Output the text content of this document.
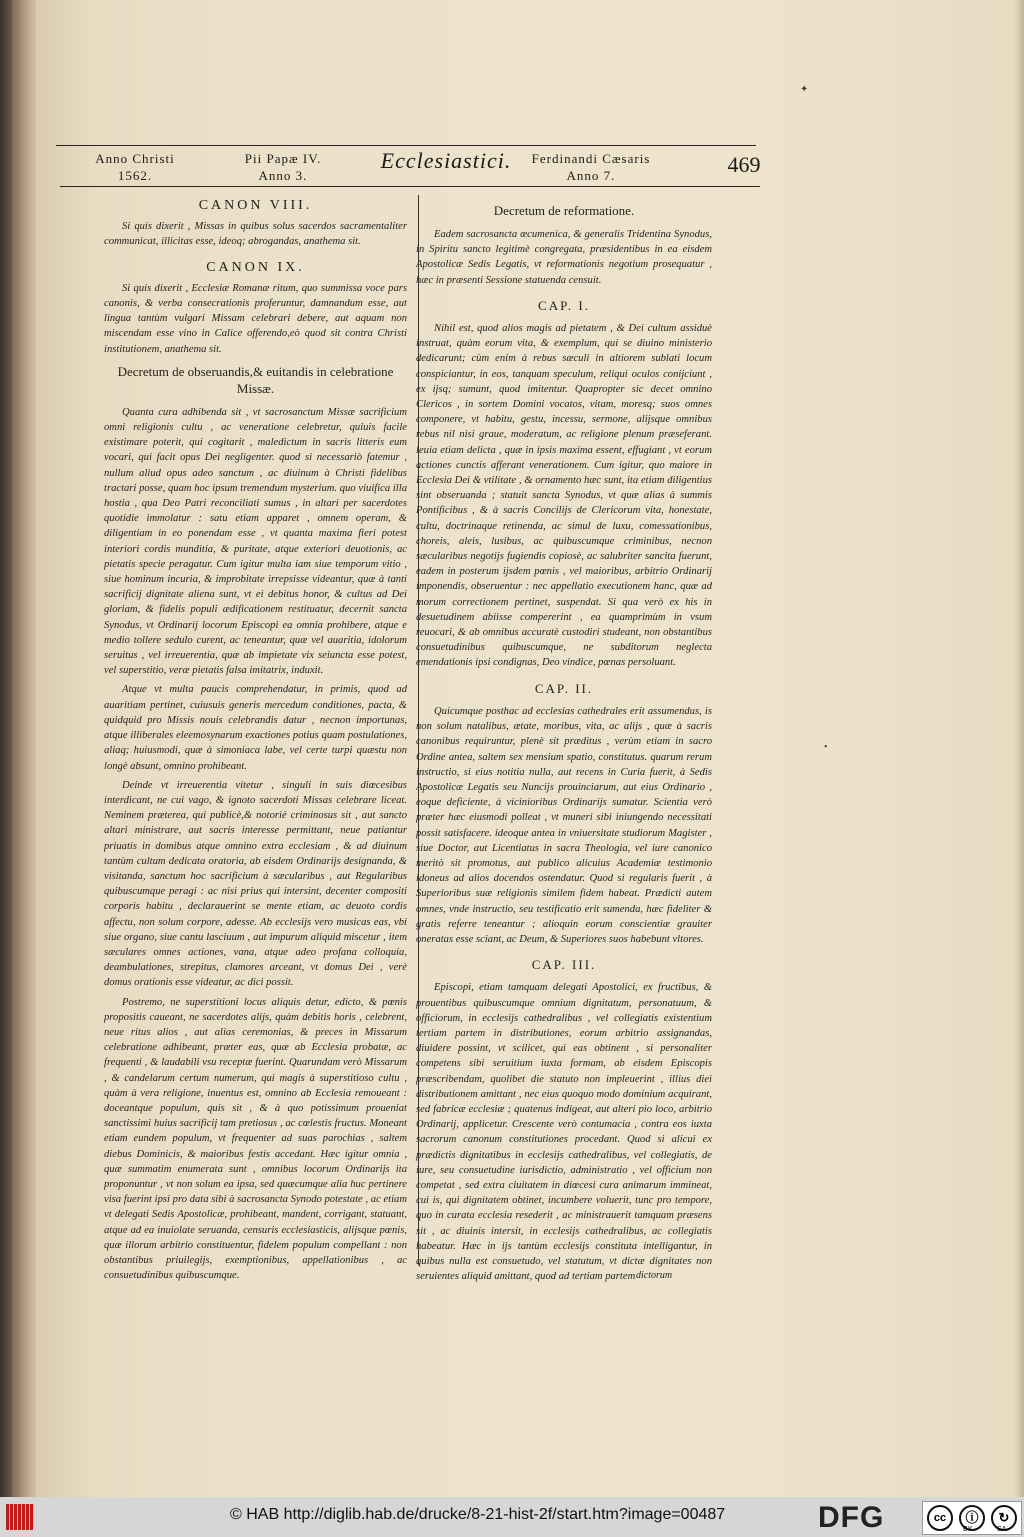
Anno Christi
1562.
Pii Papæ IV.
Anno 3.
Ecclesiastici.	Ferdinandi Cæsaris
Anno 7.	469
CANON VIII.

Si quis dixerit , Missas in quibus solus sacerdos sacramentaliter communicat, illicitas esse, ideoq; abrogandas, anathema sit.

CANON IX.

Si quis dixerit , Ecclesiæ Romanæ ritum, quo summissa voce pars canonis, & verba consecrationis proferuntur, damnandum esse, aut lingua tantùm vulgari Missam celebrari debere, aut aquam non miscendam esse vino in Calice offerendo,eò quod sit contra Christi institutionem, anathema sit.

Decretum de obseruandis,& euitandis in celebratione Missæ.

Quanta cura adhibenda sit , vt sacrosanctum Missæ sacrificium omni religionis cultu , ac veneratione celebretur, quiuis facile existimare poterit, qui cogitarit , maledictum in sacris litteris eum vocari, qui facit opus Dei negligenter. quod si necessariò fatemur , nullum aliud opus adeo sanctum , ac diuinum à Christi fidelibus tractari posse, quam hoc ipsum tremendum mysterium. quo viuifica illa hostia , qua Deo Patri reconciliati sumus , in altari per sacerdotes quotidie immolatur : satu etiam apparet , omnem operam, & diligentiam in eo ponendam esse , vt quanta maxima fieri potest interiori cordis munditia, & puritate, atque exteriori deuotionis, ac pietatis specie peragatur. Cum igitur multa iam siue temporum vitio , siue hominum incuria, & improbitate irrepsisse videantur, quæ à tanti sacrificij dignitate aliena sunt, vt ei debitus honor, & cultus ad Dei gloriam, & fidelis populi ædificationem restituatur, decernit sancta Synodus, vt Ordinarij locorum Episcopi ea omnia prohibere, atque e medio tollere sedulo curent, ac teneantur, quæ vel auaritia, idolorum seruitus , vel irreuerentia, quæ ab impietate vix seiuncta esse potest, vel superstitio, veræ pietatis falsa imitatrix, induxit.

Atque vt multa paucis comprehendatur, in primis, quod ad auaritiam pertinet, cuiusuis generis mercedum conditiones, pacta, & quidquid pro Missis nouis celebrandis datur , necnon importunas, atque illiberales eleemosynarum exactiones potius quam postulationes, aliaq; huiusmodi, quæ à simoniaca labe, vel certe turpi quæstu non longè absunt, omnino prohibeant.

Deinde vt irreuerentia vitetur , singuli in suis diœcesibus interdicant, ne cui vago, & ignoto sacerdoti Missas celebrare liceat. Neminem præterea, qui publicè,& notoriè criminosus sit , aut sancto altari ministrare, aut sacris interesse permittant, neue patiantur priuatis in domibus atque omnino extra ecclesiam , & ad diuinum tantùm cultum dedicata oratoria, ab eisdem Ordinarijs designanda, & visitanda, sanctum hoc sacrificium à sæcularibus , aut Regularibus quibuscumque peragi : ac nisi prius qui intersint, decenter compositi corporis habitu , declarauerint se mente etiam, ac deuoto cordis affectu, non solum corpore, adesse. Ab ecclesijs vero musicas eas, vbi siue organo, siue cantu lasciuum , aut impurum aliquid miscetur , item sæculares omnes actiones, vana, atque adeo profana colloquia, deambulationes, strepitus, clamores arceant, vt domus Dei , verè domus orationis esse videatur, ac dici possit.

Postremo, ne superstitioni locus aliquis detur, edicto, & pœnis propositis caueant, ne sacerdotes alijs, quàm debitis horis , celebrent, neue ritus alios , aut alias ceremonias, & preces in Missarum celebratione adhibeant, præter eas, quæ ab Ecclesia probatæ, ac frequenti , & laudabili vsu receptæ fuerint. Quarundam verò Missarum , & candelarum certum numerum, qui magis à superstitioso cultu , quàm à vera religione, inuentus est, omnino ab Ecclesia remoueant : doceantque populum, quis sit , & à quo potissimum proueniat sanctissimi huius sacrificij tam pretiosus , ac cœlestis fructus. Moneant etiam eundem populum, vt frequenter ad suas parochias , saltem diebus Dominicis, & maioribus festis accedant. Hæc igitur omnia , quæ summatim enumerata sunt , omnibus locorum Ordinarijs ita proponuntur , vt non solum ea ipsa, sed quæcumque alia huc pertinere visa fuerint ipsi pro data sibi à sacrosancta Synodo potestate , ac etiam vt delegati Sedis Apostolicæ, prohibeant, mandent, corrigant, statuant, atque ad ea inuiolate seruanda, censuris ecclesiasticis, alijsque pœnis, quæ illorum arbitrio constituentur, fidelem populum compellant : non obstantibus priuilegijs, exemptionibus, appellationibus , ac consuetudinibus quibuscumque.

Decretum de reformatione.

Eadem sacrosancta œcumenica, & generalis Tridentina Synodus, in Spiritu sancto legitimè congregata, præsidentibus in ea eisdem Apostolicæ Sedis Legatis, vt reformationis negotium prosequatur , hæc in præsenti Sessione statuenda censuit.

CAP. I.

Nihil est, quod alios magis ad pietatem , & Dei cultum assiduè instruat, quàm eorum vita, & exemplum, qui se diuino ministerio dedicarunt; cùm enim à rebus sæculi in altiorem sublati locum conspiciantur, in eos, tanquam speculum, reliqui oculos conijciunt , ex ijsq; sumunt, quod imitentur. Quapropter sic decet omnino Clericos , in sortem Domini vocatos, vitam, moresq; suos omnes componere, vt habitu, gestu, incessu, sermone, alijsque omnibus rebus nil nisi graue, moderatum, ac religione plenum præseferant. leuia etiam delicta , quæ in ipsis maxima essent, effugiant , vt eorum actiones cunctis afferant venerationem. Cum igitur, quo maiore in Ecclesia Dei & vtilitate , & ornamento hæc sunt, ita etiam diligentius sint obseruanda ; statuit sancta Synodus, vt quæ alias à summis Pontificibus , & à sacris Concilijs de Clericorum vita, honestate, cultu, doctrinaque retinenda, ac simul de luxu, comessationibus, choreis, aleis, lusibus, ac quibuscumque criminibus, necnon sæcularibus negotijs fugiendis copiosè, ac salubriter sancita fuerunt, eadem in posterum ijsdem pœnis , vel maioribus, arbitrio Ordinarij imponendis, obseruentur : nec appellatio executionem hanc, quæ ad morum correctionem pertinet, suspendat. Si qua verò ex his in desuetudinem abiisse compererint , ea quamprimùm in vsum reuocari, & ab omnibus accuratè custodiri studeant, non obstantibus consuetudinibus quibuscumque, ne subditorum neglecta emendationis ipsi condignas, Deo vindice, pœnas persoluant.

CAP. II.

Quicumque posthac ad ecclesias cathedrales erit assumendus, is non solum natalibus, ætate, moribus, vita, ac alijs , quæ à sacris canonibus requiruntur, plenè sit præditus , verùm etiam in sacro Ordine antea, saltem sex mensium spatio, constitutus. quarum rerum instructio, si eius notitia nulla, aut recens in Curia fuerit, à Sedis Apostolicæ Legatis seu Nuncijs prouinciarum, aut eius Ordinario , eoque deficiente, à vicinioribus Ordinarijs sumatur. Scientia verò præter hæc eiusmodi polleat , vt muneri sibi iniungendo necessitati possit satisfacere. ideoque antea in vniuersitate studiorum Magister , siue Doctor, aut Licentiatus in sacra Theologia, vel iure canonico meritò sit promotus, aut publico alicuius Academiæ testimonio idoneus ad alios docendos ostendatur. Quod si regularis fuerit , à Superioribus suæ religionis similem fidem habeat. Prædicti autem omnes, vnde instructio, seu testificatio erit sumenda, hæc fideliter & gratis referre teneantur ; alioquin eorum conscientiæ grauiter oneratas esse sciant, ac Deum, & Superiores suos habebunt vltores.

CAP. III.

Episcopi, etiam tamquam delegati Apostolici, ex fructibus, & prouentibus quibuscumque omnium dignitatum, personatuum, & officiorum, in ecclesijs cathedralibus , vel collegiatis existentium tertiam partem in distributiones, eorum arbitrio assignandas, diuidere possint, vt scilicet, qui eas obtinent , si personaliter competens sibi seruitium iuxta formam, ab eisdem Episcopis præscribendam, quolibet die statuto non impleuerint , illius diei distributionem amittant , nec eius quoquo modo dominium acquirant, sed fabricæ ecclesiæ ; quatenus indigeat, aut alteri pio loco, arbitrio Ordinarij, applicetur. Crescente verò contumacia , contra eos iuxta sacrorum canonum constitutiones procedant. Quod si alicui ex prædictis dignitatibus in ecclesijs cathedralibus, vel collegiatis, de iure, seu consuetudine iurisdictio, administratio , vel officium non competat , sed extra ciuitatem in diœcesi cura animarum immineat, cui is, qui dignitatem obtinet, incumbere voluerit, tunc pro tempore, quo in curata ecclesia resederit , ac ministrauerit tamquam præsens sit , ac diuinis intersit, in ecclesijs cathedralibus, ac collegiatis habeatur. Hæc in ijs tantùm ecclesijs constituta intelligantur, in quibus nulla est consuetudo, vel statutum, vt dictæ dignitates non seruientes aliquid amittant, quod ad tertiam partem dictorum
✦
•
© HAB http://diglib.hab.de/drucke/8-21-hist-2f/start.htm?image=00487	DFG	cc	ⓘ	↻
BY	SA
